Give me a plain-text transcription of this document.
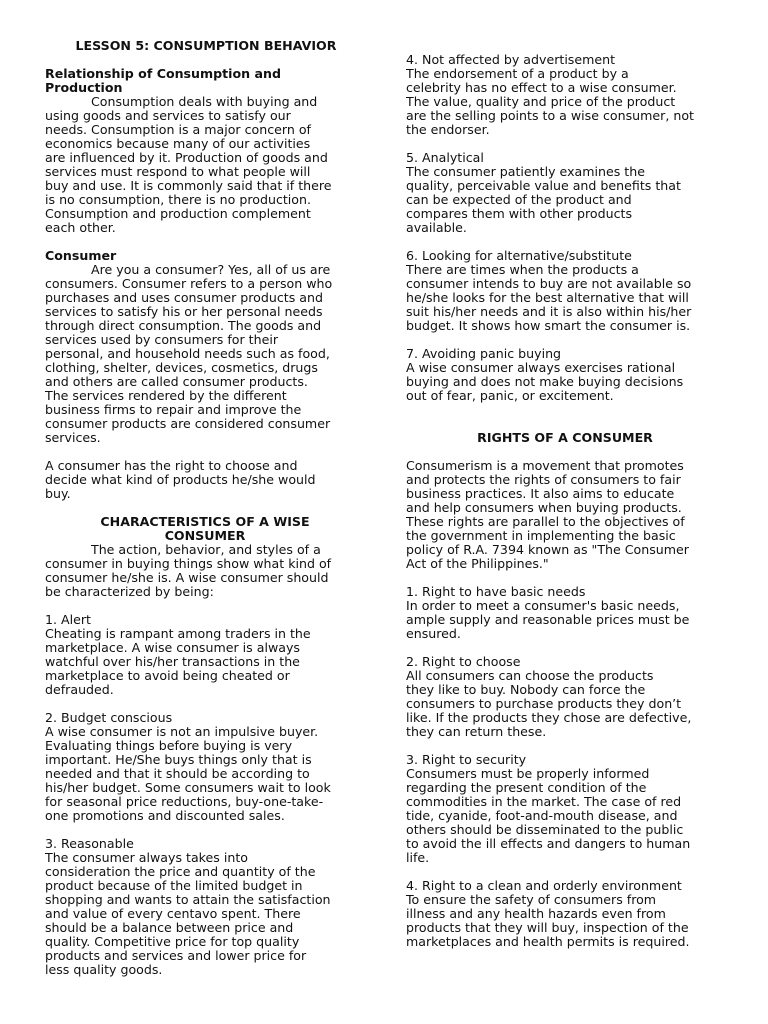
LESSON 5: CONSUMPTION BEHAVIOR

Relationship of Consumption and
Production

Consumption deals with buying and
using goods and services to satisfy our
needs. Consumption is a major concern of
economics because many of our activities
are influenced by it. Production of goods and
services must respond to what people will
buy and use. It is commonly said that if there
is no consumption, there is no production.
Consumption and production complement
each other.

Consumer

Are you a consumer? Yes, all of us are
consumers. Consumer refers to a person who
purchases and uses consumer products and
services to satisfy his or her personal needs
through direct consumption. The goods and
services used by consumers for their
personal, and household needs such as food,
clothing, shelter, devices, cosmetics, drugs
and others are called consumer products.
The services rendered by the different
business firms to repair and improve the
consumer products are considered consumer
services.

A consumer has the right to choose and
decide what kind of products he/she would
buy.

CHARACTERISTICS OF A WISE
CONSUMER

The action, behavior, and styles of a
consumer in buying things show what kind of
consumer he/she is. A wise consumer should
be characterized by being:

1. Alert

Cheating is rampant among traders in the
marketplace. A wise consumer is always
watchful over his/her transactions in the
marketplace to avoid being cheated or
defrauded.

2. Budget conscious

A wise consumer is not an impulsive buyer.
Evaluating things before buying is very
important. He/She buys things only that is
needed and that it should be according to
his/her budget. Some consumers wait to look
for seasonal price reductions, buy-one-take-
one promotions and discounted sales.

3. Reasonable

The consumer always takes into
consideration the price and quantity of the
product because of the limited budget in
shopping and wants to attain the satisfaction
and value of every centavo spent. There
should be a balance between price and
quality. Competitive price for top quality
products and services and lower price for
less quality goods.

4. Not affected by advertisement

The endorsement of a product by a
celebrity has no effect to a wise consumer.
The value, quality and price of the product
are the selling points to a wise consumer, not
the endorser.

5. Analytical

The consumer patiently examines the
quality, perceivable value and benefits that
can be expected of the product and
compares them with other products
available.

6. Looking for alternative/substitute

There are times when the products a
consumer intends to buy are not available so
he/she looks for the best alternative that will
suit his/her needs and it is also within his/her
budget. It shows how smart the consumer is.

7. Avoiding panic buying

A wise consumer always exercises rational
buying and does not make buying decisions
out of fear, panic, or excitement.

RIGHTS OF A CONSUMER

Consumerism is a movement that promotes
and protects the rights of consumers to fair
business practices. It also aims to educate
and help consumers when buying products.
These rights are parallel to the objectives of
the government in implementing the basic
policy of R.A. 7394 known as "The Consumer
Act of the Philippines."

1. Right to have basic needs

In order to meet a consumer's basic needs,
ample supply and reasonable prices must be
ensured.

2. Right to choose

All consumers can choose the products
they like to buy. Nobody can force the
consumers to purchase products they don’t
like. If the products they chose are defective,
they can return these.

3. Right to security

Consumers must be properly informed
regarding the present condition of the
commodities in the market. The case of red
tide, cyanide, foot-and-mouth disease, and
others should be disseminated to the public
to avoid the ill effects and dangers to human
life.

4. Right to a clean and orderly environment

To ensure the safety of consumers from
illness and any health hazards even from
products that they will buy, inspection of the
marketplaces and health permits is required.
